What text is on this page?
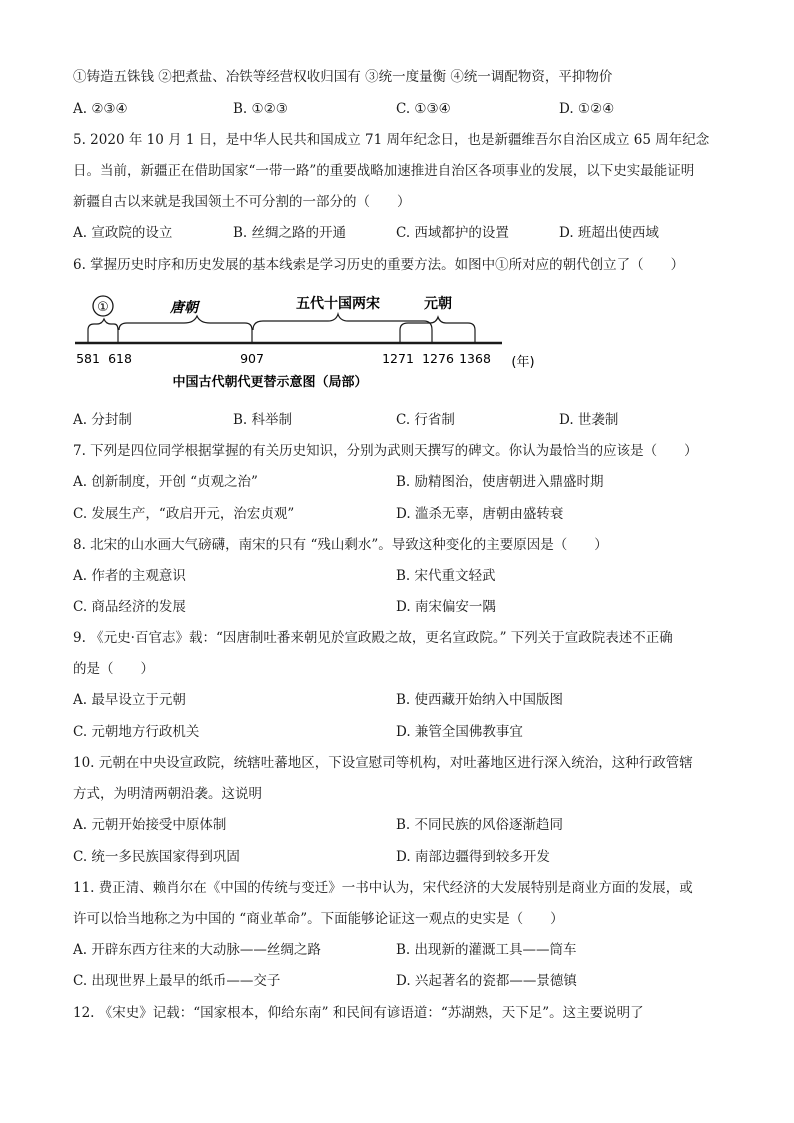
①铸造五铢钱 ②把煮盐、冶铁等经营权收归国有 ③统一度量衡 ④统一调配物资，平抑物价
A. ②③④	B. ①②③	C. ①③④	D. ①②④
5. 2020 年 10 月 1 日，是中华人民共和国成立 71 周年纪念日，也是新疆维吾尔自治区成立 65 周年纪念
日。当前，新疆正在借助国家“一带一路”的重要战略加速推进自治区各项事业的发展，以下史实最能证明
新疆自古以来就是我国领土不可分割的一部分的（　　）
A. 宣政院的设立	B. 丝绸之路的开通	C. 西域都护的设置	D. 班超出使西域
6. 掌握历史时序和历史发展的基本线索是学习历史的重要方法。如图中①所对应的朝代创立了（　　）
①	唐朝	五代十国两宋	元朝
581 618	907	1271 1276 1368 (年)
中国古代朝代更替示意图（局部）
A. 分封制	B. 科举制	C. 行省制	D. 世袭制
7. 下列是四位同学根据掌握的有关历史知识，分别为武则天撰写的碑文。你认为最恰当的应该是（　　）
A. 创新制度，开创 “贞观之治”	B. 励精图治，使唐朝进入鼎盛时期
C. 发展生产，“政启开元，治宏贞观”	D. 滥杀无辜，唐朝由盛转衰
8. 北宋的山水画大气磅礴，南宋的只有 “残山剩水”。导致这种变化的主要原因是（　　）
A. 作者的主观意识	B. 宋代重文轻武
C. 商品经济的发展	D. 南宋偏安一隅
9. 《元史·百官志》载：“因唐制吐番来朝见於宣政殿之故，更名宣政院。” 下列关于宣政院表述不正确
的是（　　）
A. 最早设立于元朝	B. 使西藏开始纳入中国版图
C. 元朝地方行政机关	D. 兼管全国佛教事宜
10. 元朝在中央设宣政院，统辖吐蕃地区，下设宣慰司等机构，对吐蕃地区进行深入统治，这种行政管辖
方式，为明清两朝沿袭。这说明
A. 元朝开始接受中原体制	B. 不同民族的风俗逐渐趋同
C. 统一多民族国家得到巩固	D. 南部边疆得到较多开发
11. 费正清、赖肖尔在《中国的传统与变迁》一书中认为，宋代经济的大发展特别是商业方面的发展，或
许可以恰当地称之为中国的 “商业革命”。下面能够论证这一观点的史实是（　　）
A. 开辟东西方往来的大动脉——丝绸之路	B. 出现新的灌溉工具——筒车
C. 出现世界上最早的纸币——交子	D. 兴起著名的瓷都——景德镇
12. 《宋史》记载：“国家根本，仰给东南” 和民间有谚语道：“苏湖熟，天下足”。这主要说明了
